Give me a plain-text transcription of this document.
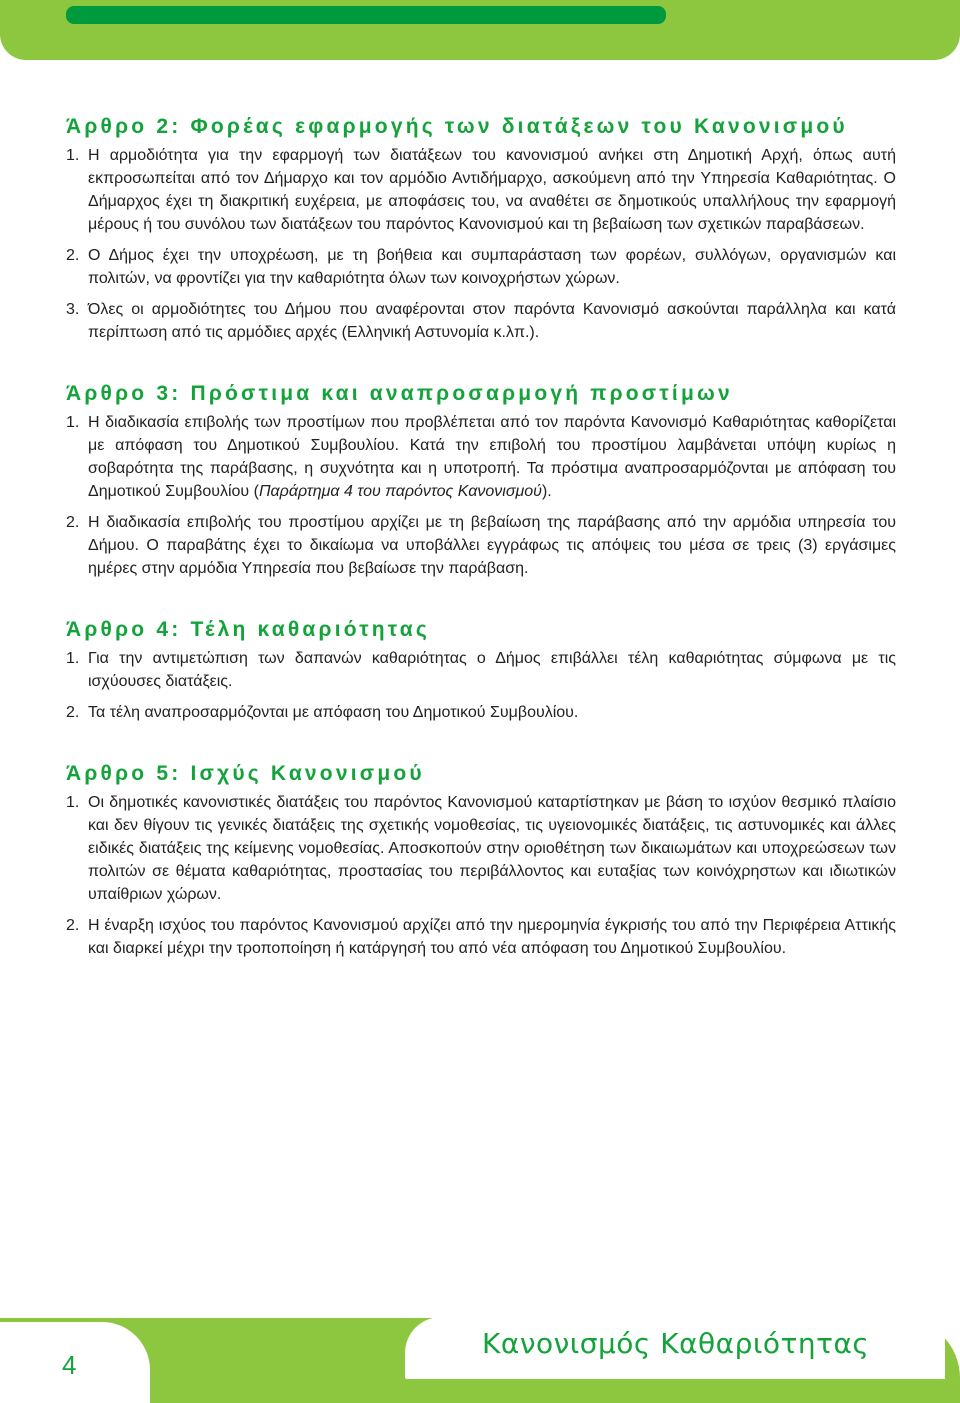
Άρθρο 2: Φορέας εφαρμογής των διατάξεων του Κανονισμού

1. Η αρμοδιότητα για την εφαρμογή των διατάξεων του κανονισμού ανήκει στη Δημοτική Αρχή, όπως αυτή εκπροσωπείται από τον Δήμαρχο και τον αρμόδιο Αντιδήμαρχο, ασκούμενη από την Υπηρεσία Καθαριότητας. Ο Δήμαρχος έχει τη διακριτική ευχέρεια, με αποφάσεις του, να αναθέτει σε δημοτικούς υπαλλήλους την εφαρμογή μέρους ή του συνόλου των διατάξεων του παρόντος Κανονισμού και τη βεβαίωση των σχετικών παραβάσεων.

2. Ο Δήμος έχει την υποχρέωση, με τη βοήθεια και συμπαράσταση των φορέων, συλλόγων, οργανισμών και πολιτών, να φροντίζει για την καθαριότητα όλων των κοινοχρήστων χώρων.

3. Όλες οι αρμοδιότητες του Δήμου που αναφέρονται στον παρόντα Κανονισμό ασκούνται παράλληλα και κατά περίπτωση από τις αρμόδιες αρχές (Ελληνική Αστυνομία κ.λπ.).

Άρθρο 3: Πρόστιμα και αναπροσαρμογή προστίμων

1. Η διαδικασία επιβολής των προστίμων που προβλέπεται από τον παρόντα Κανονισμό Καθαριότητας καθορίζεται με απόφαση του Δημοτικού Συμβουλίου. Κατά την επιβολή του προστίμου λαμβάνεται υπόψη κυρίως η σοβαρότητα της παράβασης, η συχνότητα και η υποτροπή. Τα πρόστιμα αναπροσαρμόζονται με απόφαση του Δημοτικού Συμβουλίου (Παράρτημα 4 του παρόντος Κανονισμού).

2. Η διαδικασία επιβολής του προστίμου αρχίζει με τη βεβαίωση της παράβασης από την αρμόδια υπηρεσία του Δήμου. Ο παραβάτης έχει το δικαίωμα να υποβάλλει εγγράφως τις απόψεις του μέσα σε τρεις (3) εργάσιμες ημέρες στην αρμόδια Υπηρεσία που βεβαίωσε την παράβαση.

Άρθρο 4: Τέλη καθαριότητας

1. Για την αντιμετώπιση των δαπανών καθαριότητας ο Δήμος επιβάλλει τέλη καθαριότητας σύμφωνα με τις ισχύουσες διατάξεις.

2. Τα τέλη αναπροσαρμόζονται με απόφαση του Δημοτικού Συμβουλίου.

Άρθρο 5: Ισχύς Κανονισμού

1. Οι δημοτικές κανονιστικές διατάξεις του παρόντος Κανονισμού καταρτίστηκαν με βάση το ισχύον θεσμικό πλαίσιο και δεν θίγουν τις γενικές διατάξεις της σχετικής νομοθεσίας, τις υγειονομικές διατάξεις, τις αστυνομικές και άλλες ειδικές διατάξεις της κείμενης νομοθεσίας. Αποσκοπούν στην οριοθέτηση των δικαιωμάτων και υποχρεώσεων των πολιτών σε θέματα καθαριότητας, προστασίας του περιβάλλοντος και ευταξίας των κοινόχρηστων και ιδιωτικών υπαίθριων χώρων.

2. Η έναρξη ισχύος του παρόντος Κανονισμού αρχίζει από την ημερομηνία έγκρισής του από την Περιφέρεια Αττικής και διαρκεί μέχρι την τροποποίηση ή κατάργησή του από νέα απόφαση του Δημοτικού Συμβουλίου.

4
Κανονισμός Καθαριότητας
